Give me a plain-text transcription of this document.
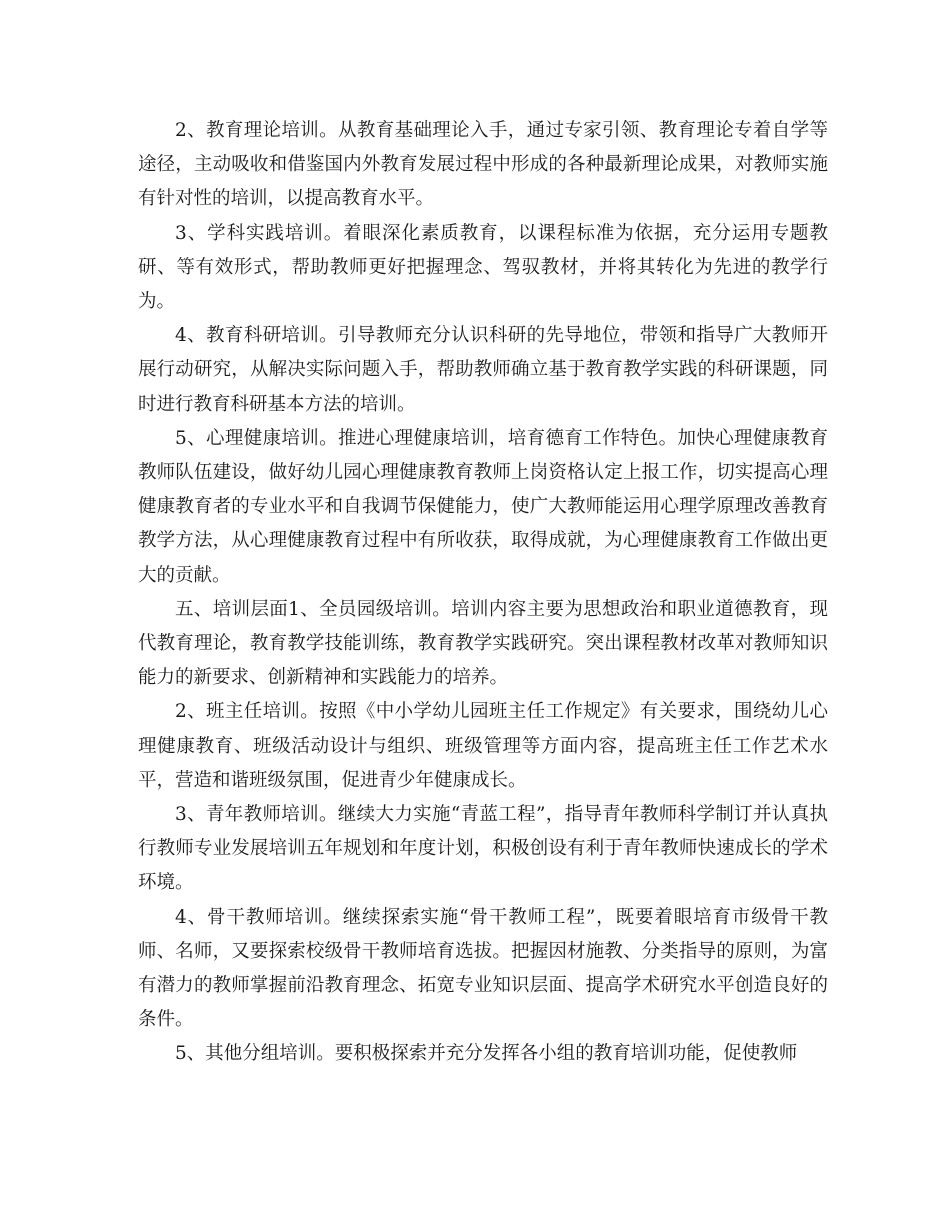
2、教育理论培训。从教育基础理论入手，通过专家引领、教育理论专着自学等途径，主动吸收和借鉴国内外教育发展过程中形成的各种最新理论成果，对教师实施有针对性的培训，以提高教育水平。

3、学科实践培训。着眼深化素质教育，以课程标准为依据，充分运用专题教研、等有效形式，帮助教师更好把握理念、驾驭教材，并将其转化为先进的教学行为。

4、教育科研培训。引导教师充分认识科研的先导地位，带领和指导广大教师开展行动研究，从解决实际问题入手，帮助教师确立基于教育教学实践的科研课题，同时进行教育科研基本方法的培训。

5、心理健康培训。推进心理健康培训，培育德育工作特色。加快心理健康教育教师队伍建设，做好幼儿园心理健康教育教师上岗资格认定上报工作，切实提高心理健康教育者的专业水平和自我调节保健能力，使广大教师能运用心理学原理改善教育教学方法，从心理健康教育过程中有所收获，取得成就，为心理健康教育工作做出更大的贡献。

五、培训层面1、全员园级培训。培训内容主要为思想政治和职业道德教育，现代教育理论，教育教学技能训练，教育教学实践研究。突出课程教材改革对教师知识能力的新要求、创新精神和实践能力的培养。

2、班主任培训。按照《中小学幼儿园班主任工作规定》有关要求，围绕幼儿心理健康教育、班级活动设计与组织、班级管理等方面内容，提高班主任工作艺术水平，营造和谐班级氛围，促进青少年健康成长。

3、青年教师培训。继续大力实施“青蓝工程”，指导青年教师科学制订并认真执行教师专业发展培训五年规划和年度计划，积极创设有利于青年教师快速成长的学术环境。

4、骨干教师培训。继续探索实施“骨干教师工程”，既要着眼培育市级骨干教师、名师，又要探索校级骨干教师培育选拔。把握因材施教、分类指导的原则，为富有潜力的教师掌握前沿教育理念、拓宽专业知识层面、提高学术研究水平创造良好的条件。

5、其他分组培训。要积极探索并充分发挥各小组的教育培训功能，促使教师
